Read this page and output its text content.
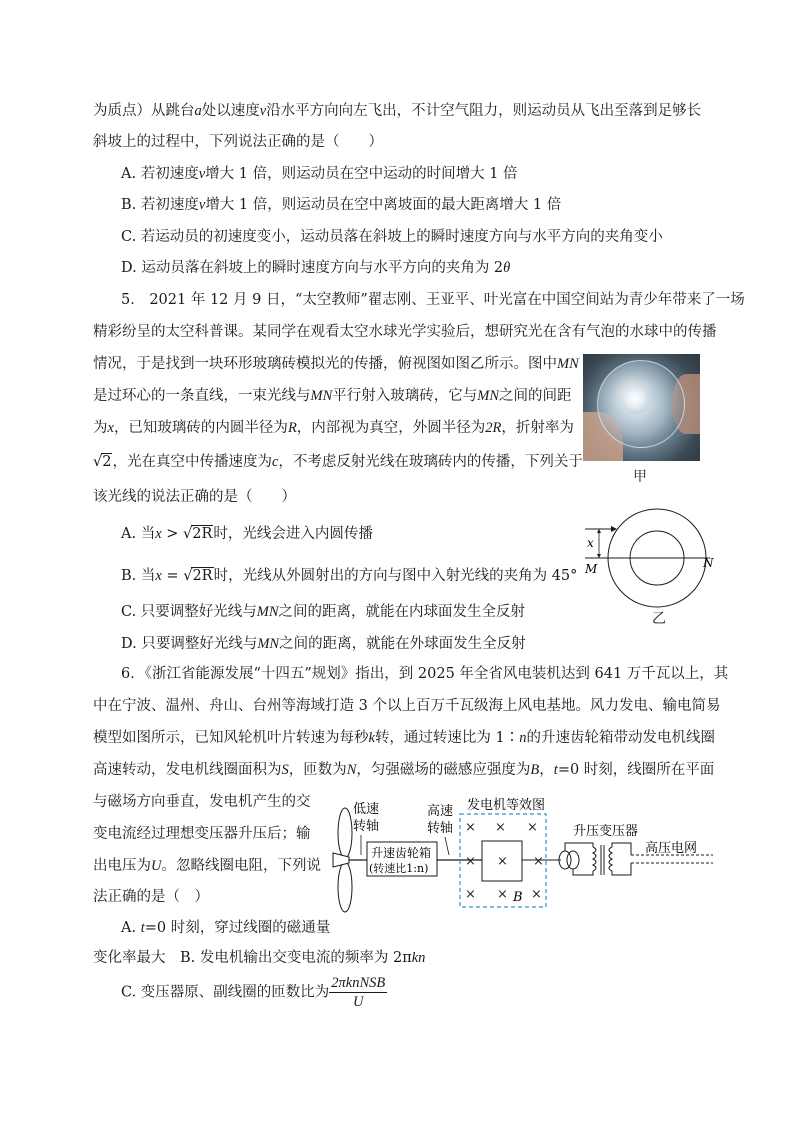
为质点）从跳台a处以速度v沿水平方向向左飞出，不计空气阻力，则运动员从飞出至落到足够长
斜坡上的过程中，下列说法正确的是（　　）
A. 若初速度v增大 1 倍，则运动员在空中运动的时间增大 1 倍
B. 若初速度v增大 1 倍，则运动员在空中离坡面的最大距离增大 1 倍
C. 若运动员的初速度变小，运动员落在斜坡上的瞬时速度方向与水平方向的夹角变小
D. 运动员落在斜坡上的瞬时速度方向与水平方向的夹角为 2θ
5． 2021 年 12 月 9 日，“太空教师”翟志刚、王亚平、叶光富在中国空间站为青少年带来了一场
精彩纷呈的太空科普课。某同学在观看太空水球光学实验后，想研究光在含有气泡的水球中的传播
情况，于是找到一块环形玻璃砖模拟光的传播，俯视图如图乙所示。图中MN
是过环心的一条直线，一束光线与MN平行射入玻璃砖，它与MN之间的间距
为x，已知玻璃砖的内圆半径为R，内部视为真空，外圆半径为2R，折射率为
√2，光在真空中传播速度为c，不考虑反射光线在玻璃砖内的传播，下列关于
该光线的说法正确的是（　　）
甲
x
M	N
乙
A. 当x > √2R时，光线会进入内圆传播
B. 当x = √2R时，光线从外圆射出的方向与图中入射光线的夹角为 45°
C. 只要调整好光线与MN之间的距离，就能在内球面发生全反射
D. 只要调整好光线与MN之间的距离，就能在外球面发生全反射
6．《浙江省能源发展“十四五”规划》指出，到 2025 年全省风电装机达到 641 万千瓦以上，其
中在宁波、温州、舟山、台州等海域打造 3 个以上百万千瓦级海上风电基地。风力发电、输电简易
模型如图所示，已知风轮机叶片转速为每秒k转，通过转速比为 1∶n的升速齿轮箱带动发电机线圈
高速转动，发电机线圈面积为S，匝数为N，匀强磁场的磁感应强度为B，t=0 时刻，线圈所在平面
与磁场方向垂直，发电机产生的交
变电流经过理想变压器升压后；输
出电压为U。忽略线圈电阻，下列说
法正确的是（　）
A. t=0 时刻，穿过线圈的磁通量
变化率最大　B. 发电机输出交变电流的频率为 2πkn
C. 变压器原、副线圈的匝数比为 $\frac{\text{2πknNSB}}{U}$
低速
转轴
升速齿轮箱
(转速比1:n)
高速
转轴
发电机等效图
× × ×
× × ×
× × ×
B
升压变压器
高压电网
